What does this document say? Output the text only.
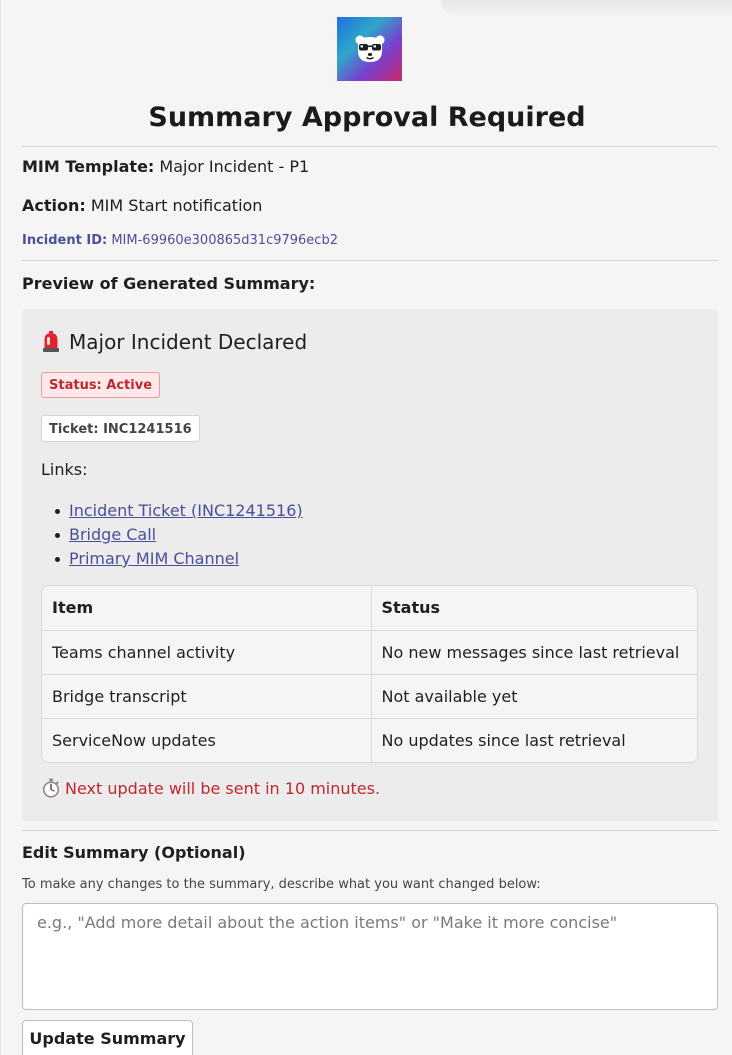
Summary Approval Required
MIM Template: Major Incident - P1
Action: MIM Start notification
Incident ID: MIM-69960e300865d31c9796ecb2
Preview of Generated Summary:
Major Incident Declared
Status: Active
Ticket: INC1241516
Links:
Incident Ticket (INC1241516)
Bridge Call
Primary MIM Channel
Item	Status
Teams channel activity	No new messages since last retrieval
Bridge transcript	Not available yet
ServiceNow updates	No updates since last retrieval
Next update will be sent in 10 minutes.
Edit Summary (Optional)
To make any changes to the summary, describe what you want changed below:
e.g., "Add more detail about the action items" or "Make it more concise"
Update Summary
